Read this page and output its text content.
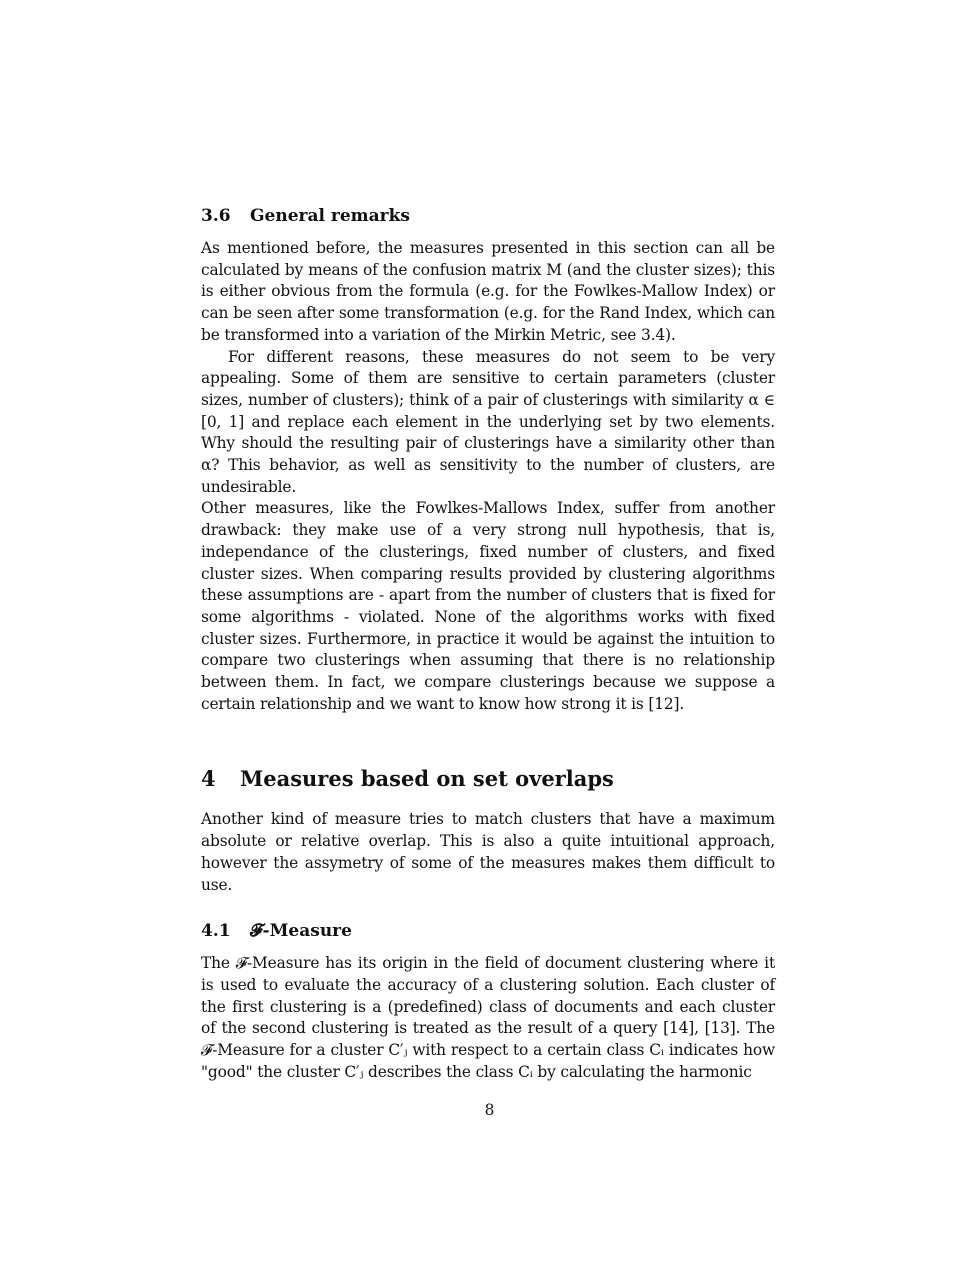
3.6 General remarks

As mentioned before, the measures presented in this section can all be calculated by means of the confusion matrix M (and the cluster sizes); this is either obvious from the formula (e.g. for the Fowlkes-Mallow Index) or can be seen after some transformation (e.g. for the Rand Index, which can be transformed into a variation of the Mirkin Metric, see 3.4).

For different reasons, these measures do not seem to be very appealing. Some of them are sensitive to certain parameters (cluster sizes, number of clusters); think of a pair of clusterings with similarity α ∈ [0, 1] and replace each element in the underlying set by two elements. Why should the resulting pair of clusterings have a similarity other than α? This behavior, as well as sensitivity to the number of clusters, are undesirable.

Other measures, like the Fowlkes-Mallows Index, suffer from another drawback: they make use of a very strong null hypothesis, that is, independance of the clusterings, fixed number of clusters, and fixed cluster sizes. When comparing results provided by clustering algorithms these assumptions are - apart from the number of clusters that is fixed for some algorithms - violated. None of the algorithms works with fixed cluster sizes. Furthermore, in practice it would be against the intuition to compare two clusterings when assuming that there is no relationship between them. In fact, we compare clusterings because we suppose a certain relationship and we want to know how strong it is [12].

4 Measures based on set overlaps

Another kind of measure tries to match clusters that have a maximum absolute or relative overlap. This is also a quite intuitional approach, however the assymetry of some of the measures makes them difficult to use.

4.1 𝓕-Measure

The 𝓕-Measure has its origin in the field of document clustering where it is used to evaluate the accuracy of a clustering solution. Each cluster of the first clustering is a (predefined) class of documents and each cluster of the second clustering is treated as the result of a query [14], [13]. The 𝓕-Measure for a cluster C′ⱼ with respect to a certain class Cᵢ indicates how "good" the cluster C′ⱼ describes the class Cᵢ by calculating the harmonic

8
